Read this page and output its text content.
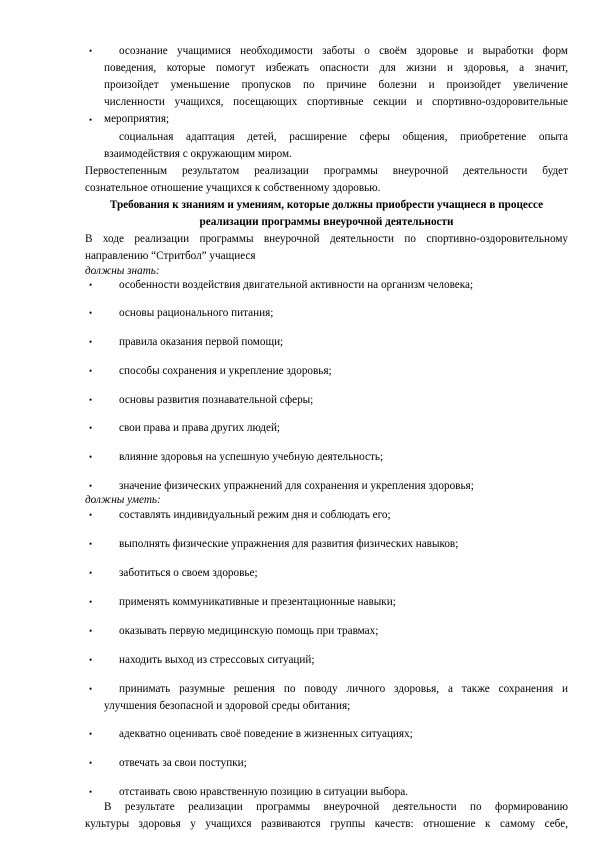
• осознание учащимися необходимости заботы о своём здоровье и выработки форм
поведения, которые помогут избежать опасности для жизни и здоровья, а значит,
произойдет уменьшение пропусков по причине болезни и произойдет увеличение
численности учащихся, посещающих спортивные секции и спортивно-оздоровительные
мероприятия;
•
социальная адаптация детей, расширение сферы общения, приобретение опыта
взаимодействия с окружающим миром.
Первостепенным результатом реализации программы внеурочной деятельности будет
сознательное отношение учащихся к собственному здоровью.
Требования к знаниям и умениям, которые должны приобрести учащиеся в процессе
реализации программы внеурочной деятельности
В ходе реализации программы внеурочной деятельности по спортивно-оздоровительному
направлению “Стритбол” учащиеся
должны знать:
• особенности воздействия двигательной активности на организм человека;
• основы рационального питания;
• правила оказания первой помощи;
• способы сохранения и укрепление здоровья;
• основы развития познавательной сферы;
• свои права и права других людей;
• влияние здоровья на успешную учебную деятельность;
• значение физических упражнений для сохранения и укрепления здоровья;
должны уметь:
• составлять индивидуальный режим дня и соблюдать его;
• выполнять физические упражнения для развития физических навыков;
• заботиться о своем здоровье;
• применять коммуникативные и презентационные навыки;
• оказывать первую медицинскую помощь при травмах;
• находить выход из стрессовых ситуаций;
• принимать разумные решения по поводу личного здоровья, а также сохранения и
улучшения безопасной и здоровой среды обитания;
• адекватно оценивать своё поведение в жизненных ситуациях;
• отвечать за свои поступки;
• отстаивать свою нравственную позицию в ситуации выбора.
В результате реализации программы внеурочной деятельности по формированию
культуры здоровья у учащихся развиваются группы качеств: отношение к самому себе,
